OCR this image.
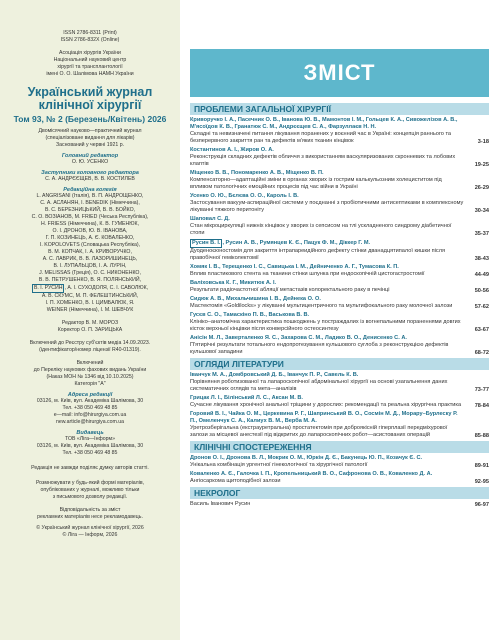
ISSN 2786-8311 (Print)
ISSN 2786-832X (Online)
Асоціація хірургів України
Національний науковий центр
хірургії та трансплантології
імені О. О. Шалімова НАМН України
Український журнал
клінічної хірургії
Том 93, № 2 (Березень/Квітень) 2026
Двомісячний науково—практичний журнал
(спеціалізоване видання для лікарів)
Заснований у червні 1921 р.
Головний редактор
О. Ю. УСЕНКО
Заступники головного редактора
С. А. АНДРЄЄЩЕВ, В. В. КОСТИЛЕВ
Редакційна колегія
L. ANGRISANI (Італія), В. П. АНДРОЩЕНКО,
С. А. АСЛАНЯН, I. BENEDIK (Німеччина),
В. С. БЕРЕЗНИЦЬКИЙ, В. В. БОЙКО,
С. О. ВОЗІАНОВ, M. FRIED (Чеська Республіка),
H. FRIESS (Німеччина), К. В. ГУМЕНЮК,
О. І. ДРОНОВ, Ю. В. ІВАНОВА,
Г. П. КОЗИНЕЦЬ, А. Є. КОВАЛЕНКО,
І. KOPOLOVETS (Словацька Республіка),
В. М. КОПЧАК, І. А. КРИВОРУЧКО,
А. С. ЛАВРИК, В. В. ЛАЗОРИШИНЕЦЬ,
В. І. ЛУПАЛЬЦОВ, І. А. ЛУРІН,
J. MELISSAS (Греція), О. С. НИКОНЕНКО,
В. В. ПЕТРУШЕНКО, В. Я. ПОЛЯНСЬКИЙ,
В. І. РУСИН , А. І. СУХОДОЛЯ, С. І. САВОЛЮК,
А. В. СКУМС, М. П. ФЕЛЕШТИНСЬКИЙ,
І. П. ХОМЕНКО, В. І. ЦИМБАЛЮК, Я.
WEINER (Німеччина), І. М. ШЕВЧУК
Редактор В. М. МОРОЗ
Коректор О. П. ЗАРИЦЬКА
Включений до Реєстру суб'єктів медіа 14.09.2023.
(ідентифікатор/номер ліцензії R40-01319).
Включений
до Переліку наукових фахових видань України
(Наказ МОН № 1346 від 10.10.2025)
Категорія "А"
Адреса редакції
03126, м. Київ, вул. Академіка Шалімова, 30
Тел. +38 050 469 48 85
e—mail: info@hirurgiya.com.ua
new.article@hirurgiya.com.ua
Видавець
ТОВ «Ліга—Інформ»
03126, м. Київ, вул. Академіка Шалімова, 30
Тел. +38 050 469 48 85
Редакція не завжди поділяє думку авторів статті.
Розмножувати у будь-який формі матеріалів,
опублікованих у журналі, можливо тільки
з письмового дозволу редакції.
Відповідальність за зміст
рекламних матеріалів несе рекламодавець.
© Український журнал клінічної хірургії, 2026
© Ліга — Інформ, 2026
ЗМІСТ
ПРОБЛЕМИ ЗАГАЛЬНОЇ ХІРУРГІЇ
Криворучко І. А., Пасечник О. В., Іванова Ю. В., Мамонтов І. М., Гольцев К. А., Сивожелізов А. В., М'ясоїдов К. В., Гранатюк С. М., Андрєєщев С. А., Фарзуллаєв Н. Н.
Складні та невизначені питання лікування поранених у воєнний час в Україні: концепція раннього та безперервного закриття ран та дефектів м'яких тканин кінцівок	3-18
Костантинов А. І., Жиров О. А.
Реконструкція складних дефектів обличчя з використанням васкуляризованих скронневих та лобових клаптів	19-25
Міщенко В. В., Пономаренко А. В., Міщенко В. П.
Компенсаторно—адаптаційні зміни в органах хворих із гострим калькульозним холециститом під впливом патологічних емоційних процесів під час війни в Україні	26-29
Усенко О. Ю., Бєлєва О. О., Кароль І. В.
Застосування вакуум-аспираційної системи у поєднанні з пробіотичними антисептиками в комплексному лікуванні тяжкого перитоніту	30-34
Шаповал С. Д.
Стан мікроциркуляції нижніх кінцівок у хворих із сепсисом на тлі ускладненого синдрому діабетичної стопи	35-37
Русин В. І. , Русин А. В., Румянцев К. Є., Пацук Ф. М., Діккер Г. М.
Дуоденоєюностомія для закриття інтрапареидійного дефекту стінки дванадцятипалої кишки після правобічної геміколектомії	38-43
Хомяк І. В., Терещенко І. С., Савицька І. М., Дейниченко А. Г., Тумасова К. П.
Вплив пластикового стента на тканини стінки шлунка при ендоскопічній цистогастростомії	44-49
Валіховська К. Г., Микитюк А. І.
Результати радіочастотної абляції метастазів колоректального раку в печінці	50-56
Сидюк А. В., Михальчишина І. В., Дейнека О. О.
Мастектомія «Goldilocks» у лікуванні мультицентричного та мультифокального раку молочної залози	57-62
Гусєв С. О., Тамаскіно П. В., Васькова В. В.
Клініко–анатомічна характеристика пошкоджень у постраждалих із вогнепальними пораненнями довгих кісток верхньої кінцівки після конверсійного остеосинтезу	63-67
Анісін М. Л., Заверталенко Я. С., Захарова С. М., Ладико В. О., Денисенко С. А.
П'ятирічні результати тотального ендопротезування кульшового суглоба з реконструкцією дефектів кульшової западини	68-72
ОГЛЯДИ ЛІТЕРАТУРИ
Іванчук М. А., Домбровський Д. Б., Іванчук П. Р., Савель К. В.
Порівняння роботизованої та лапароскопічної абдомінальної хірургії на основі узагальнення даних систематичних оглядів та мета—аналізів	73-77
Грицак Л. І., Білінський Л. С., Аксан М. В.
Сучасне лікування хронічної анальної тріщини у дорослих: рекомендації та реальна хірургічна практика	78-84
Горовий В. І., Чайка О. М., Церкевина Р. Г., Шапринський В. О., Сосмін М. Д., Морару–Бурлеску Р. П., Омеленчук С. А., Калиух В. М., Верба М. А.
Уретрозберігальна (екстрауретральна) простатектомія при доброякісній гіперплазії передміхурової залози за місцевої анестезії під відкритих до лапароскопічних робот—асистованих операцій	85-88
КЛІНІЧНІ СПОСТЕРЕЖЕННЯ
Дронов О. І., Дронова В. Л., Мокрик О. М., Юркін Д. Є., Бакунець Ю. П., Козачук Є. С.
Унікальна комбінація ургентної гінекологічної та хірургічної патології	89-91
Коваленко А. Є., Галочка І. П., Кропельницький В. О., Сафронова О. В., Коваленко Д. А.
Ангіосаркома щитоподібної залози	92-95
НЕКРОЛОГ
Василь Іванович Русин	96-97
